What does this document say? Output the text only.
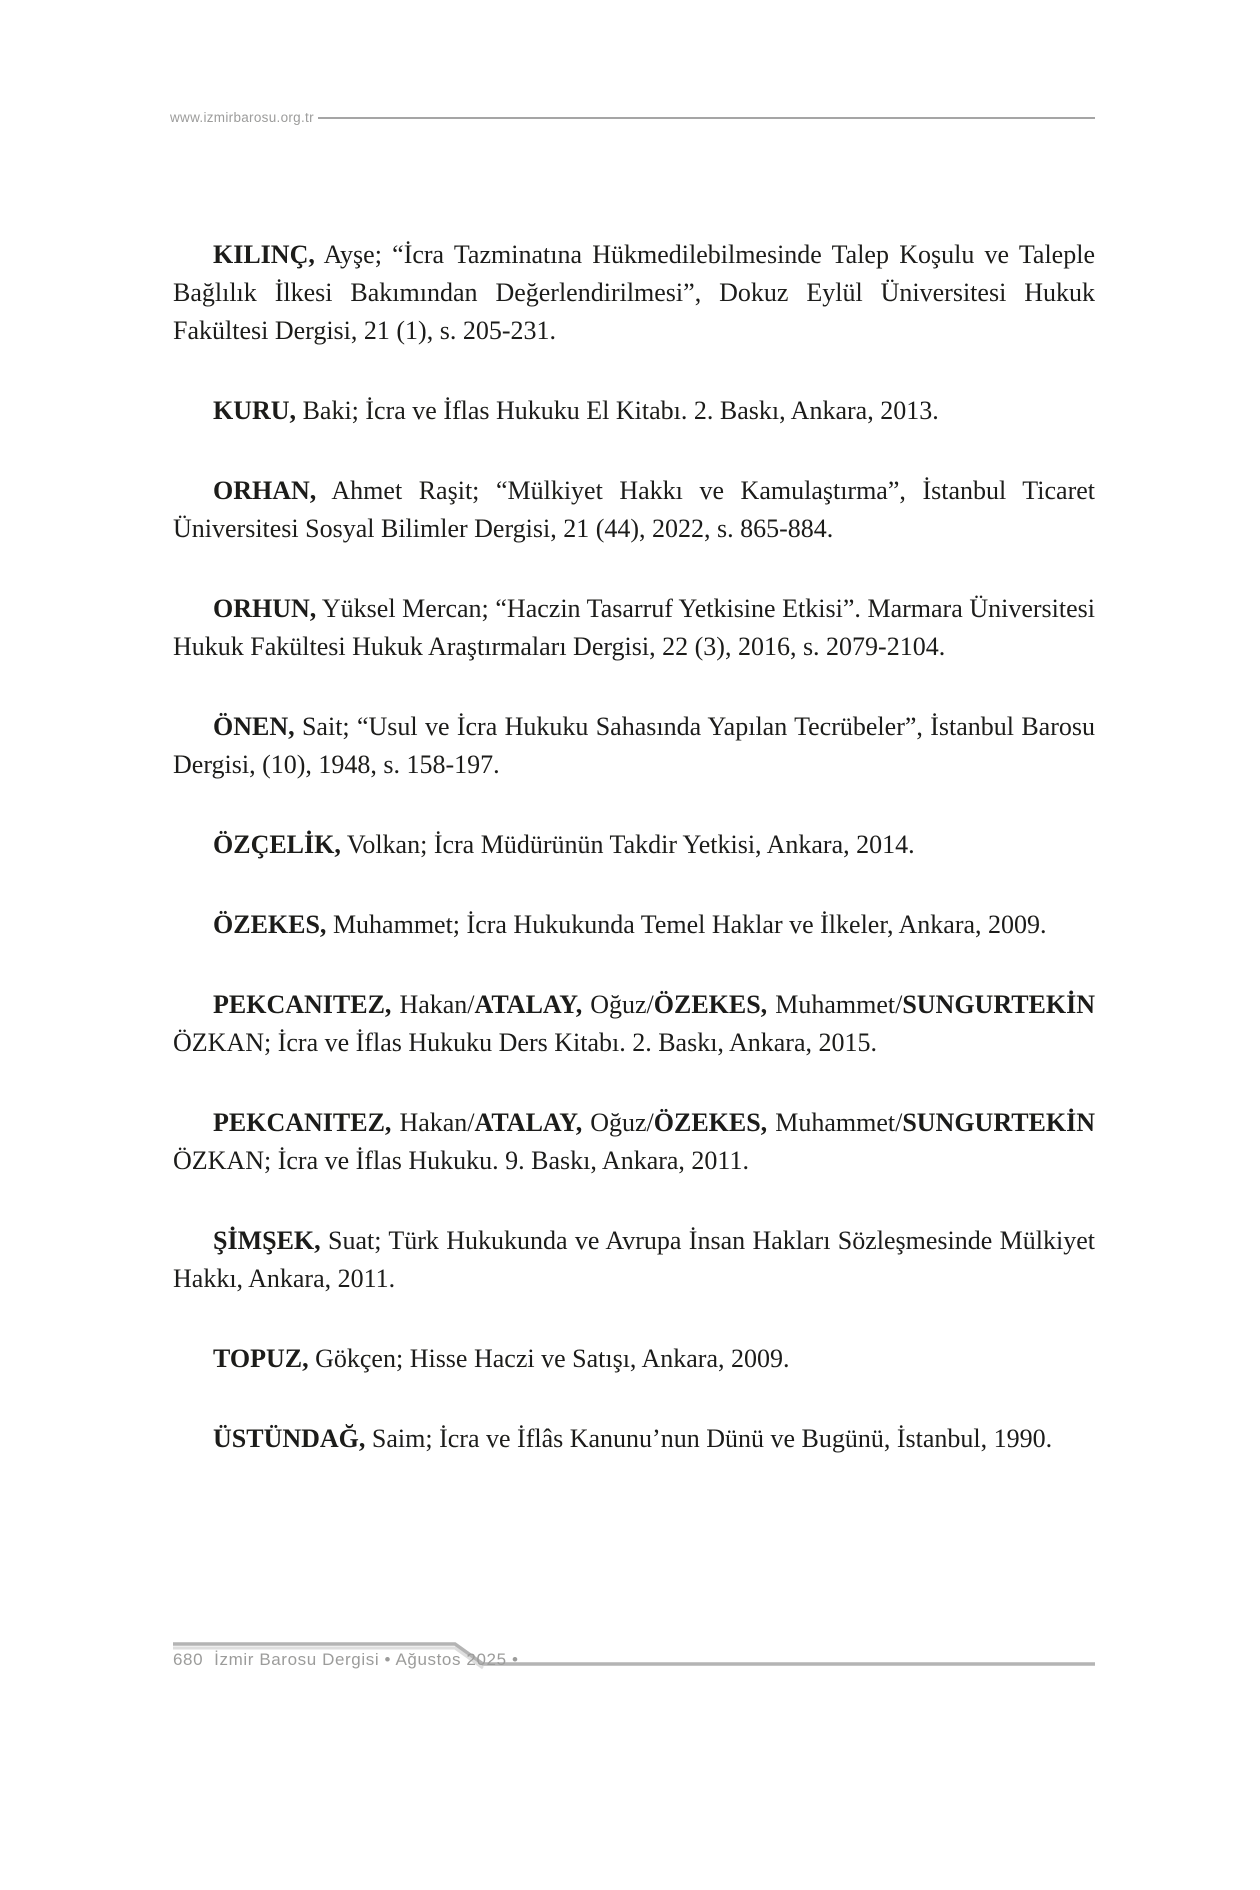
www.izmirbarosu.org.tr

KILINÇ, Ayşe; “İcra Tazminatına Hükmedilebilmesinde Talep Koşulu ve Taleple Bağlılık İlkesi Bakımından Değerlendirilmesi”, Dokuz Eylül Üniversitesi Hukuk Fakültesi Dergisi, 21 (1), s. 205-231.

KURU, Baki; İcra ve İflas Hukuku El Kitabı. 2. Baskı, Ankara, 2013.

ORHAN, Ahmet Raşit; “Mülkiyet Hakkı ve Kamulaştırma”, İstanbul Ticaret Üniversitesi Sosyal Bilimler Dergisi, 21 (44), 2022, s. 865-884.

ORHUN, Yüksel Mercan; “Haczin Tasarruf Yetkisine Etkisi”. Marmara Üniversitesi Hukuk Fakültesi Hukuk Araştırmaları Dergisi, 22 (3), 2016, s. 2079-2104.

ÖNEN, Sait; “Usul ve İcra Hukuku Sahasında Yapılan Tecrübeler”, İstanbul Barosu Dergisi, (10), 1948, s. 158-197.

ÖZÇELİK, Volkan; İcra Müdürünün Takdir Yetkisi, Ankara, 2014.

ÖZEKES, Muhammet; İcra Hukukunda Temel Haklar ve İlkeler, Ankara, 2009.

PEKCANITEZ, Hakan/ATALAY, Oğuz/ÖZEKES, Muhammet/SUNGURTEKİN ÖZKAN; İcra ve İflas Hukuku Ders Kitabı. 2. Baskı, Ankara, 2015.

PEKCANITEZ, Hakan/ATALAY, Oğuz/ÖZEKES, Muhammet/SUNGURTEKİN ÖZKAN; İcra ve İflas Hukuku. 9. Baskı, Ankara, 2011.

ŞİMŞEK, Suat; Türk Hukukunda ve Avrupa İnsan Hakları Sözleşmesinde Mülkiyet Hakkı, Ankara, 2011.

TOPUZ, Gökçen; Hisse Haczi ve Satışı, Ankara, 2009.

ÜSTÜNDAĞ, Saim; İcra ve İflâs Kanunu’nun Dünü ve Bugünü, İstanbul, 1990.

680 İzmir Barosu Dergisi • Ağustos 2025 •
